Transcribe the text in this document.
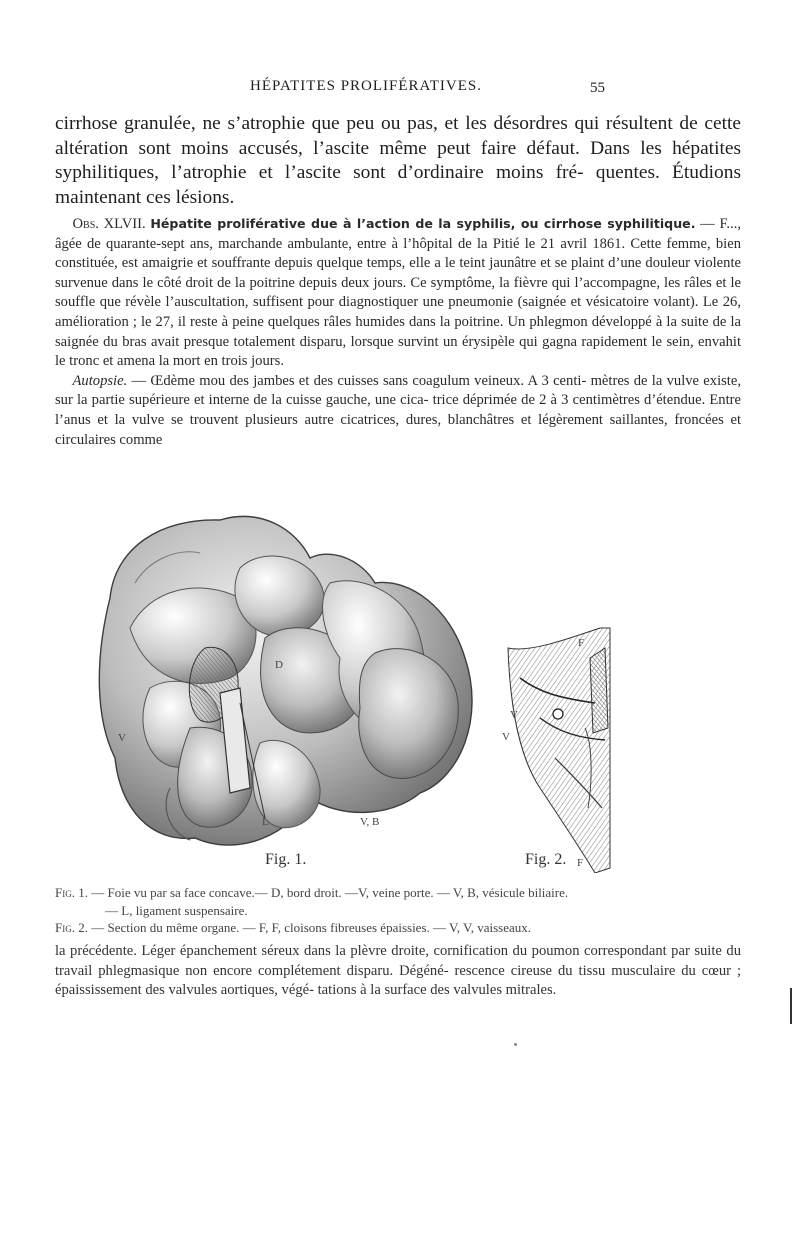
HÉPATITES PROLIFÉRATIVES.	55

cirrhose granulée, ne s’atrophie que peu ou pas, et les désordres qui résultent de cette altération sont moins accusés, l’ascite même peut faire défaut. Dans les hépatites syphilitiques, l’atrophie et l’ascite sont d’ordinaire moins fré- quentes. Étudions maintenant ces lésions.

Obs. XLVII. Hépatite proliférative due à l’action de la syphilis, ou cirrhose syphilitique. — F..., âgée de quarante-sept ans, marchande ambulante, entre à l’hôpital de la Pitié le 21 avril 1861. Cette femme, bien constituée, est amaigrie et souffrante depuis quelque temps, elle a le teint jaunâtre et se plaint d’une douleur violente survenue dans le côté droit de la poitrine depuis deux jours. Ce symptôme, la fièvre qui l’accompagne, les râles et le souffle que révèle l’auscultation, suffisent pour diagnostiquer une pneumonie (saignée et vésicatoire volant). Le 26, amélioration ; le 27, il reste à peine quelques râles humides dans la poitrine. Un phlegmon développé à la suite de la saignée du bras avait presque totalement disparu, lorsque survint un érysipèle qui gagna rapidement le sein, envahit le tronc et amena la mort en trois jours.

Autopsie. — Œdème mou des jambes et des cuisses sans coagulum veineux. A 3 centi- mètres de la vulve existe, sur la partie supérieure et interne de la cuisse gauche, une cica- trice déprimée de 2 à 3 centimètres d’étendue. Entre l’anus et la vulve se trouvent plusieurs autre cicatrices, dures, blanchâtres et légèrement saillantes, froncées et circulaires comme

D
V
L	V, B
F
V
V
F
Fig. 1.	Fig. 2.

Fig. 1. — Foie vu par sa face concave.— D, bord droit. —V, veine porte. — V, B, vésicule biliaire.

— L, ligament suspensaire.

Fig. 2. — Section du même organe. — F, F, cloisons fibreuses épaissies. — V, V, vaisseaux.

la précédente. Léger épanchement séreux dans la plèvre droite, cornification du poumon correspondant par suite du travail phlegmasique non encore complétement disparu. Dégéné- rescence cireuse du tissu musculaire du cœur ; épaississement des valvules aortiques, végé- tations à la surface des valvules mitrales.
